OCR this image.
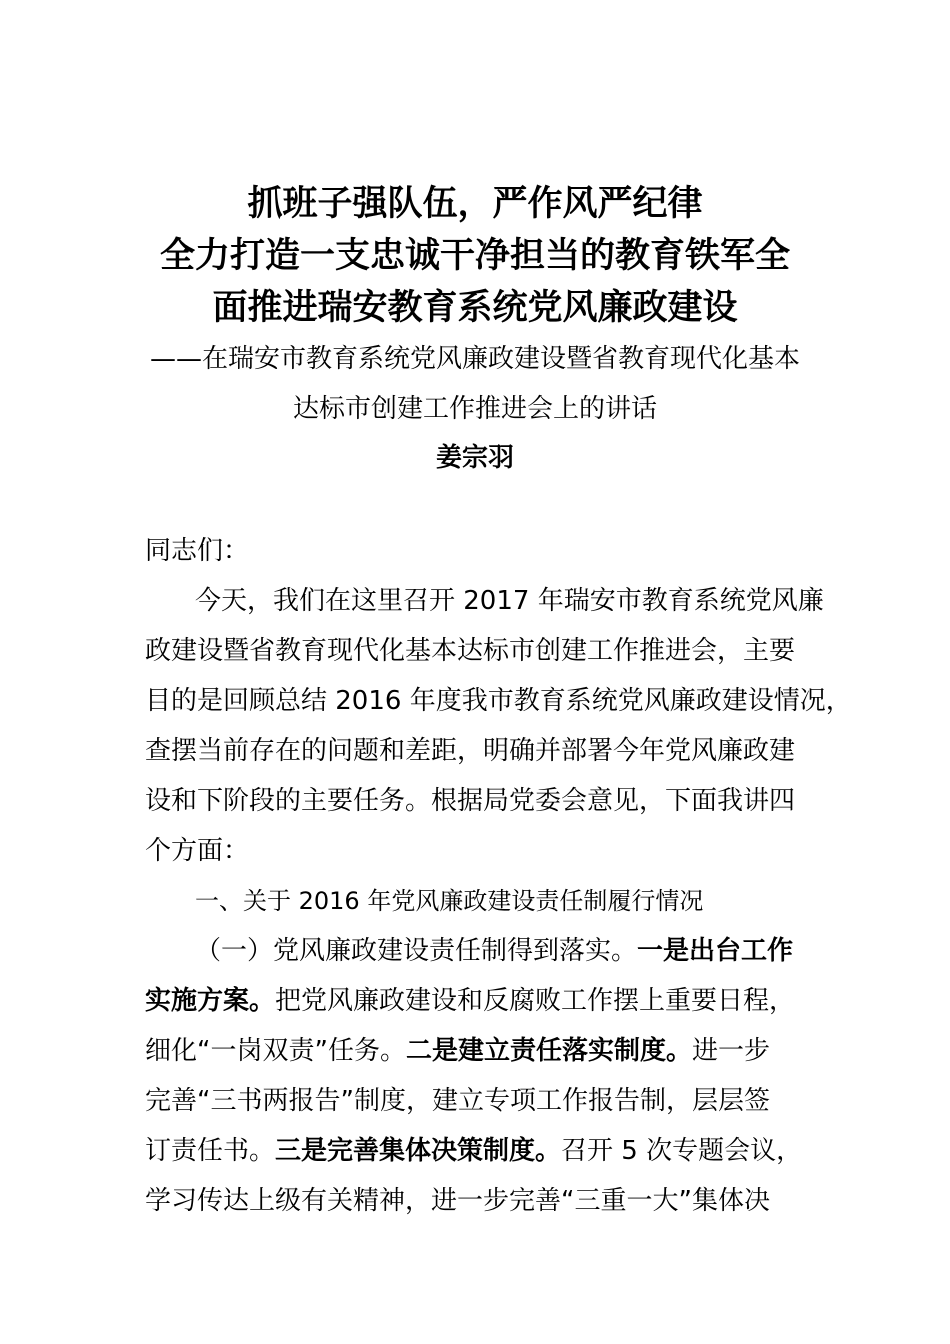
抓班子强队伍，严作风严纪律
全力打造一支忠诚干净担当的教育铁军全
面推进瑞安教育系统党风廉政建设
——在瑞安市教育系统党风廉政建设暨省教育现代化基本
达标市创建工作推进会上的讲话
姜宗羽
同志们：
今天，我们在这里召开 2017 年瑞安市教育系统党风廉
政建设暨省教育现代化基本达标市创建工作推进会，主要
目的是回顾总结 2016 年度我市教育系统党风廉政建设情况，
查摆当前存在的问题和差距，明确并部署今年党风廉政建
设和下阶段的主要任务。根据局党委会意见，下面我讲四
个方面：
一、关于 2016 年党风廉政建设责任制履行情况
（一）党风廉政建设责任制得到落实。一是出台工作
实施方案。把党风廉政建设和反腐败工作摆上重要日程，
细化“一岗双责”任务。二是建立责任落实制度。进一步
完善“三书两报告”制度，建立专项工作报告制，层层签
订责任书。三是完善集体决策制度。召开 5 次专题会议，
学习传达上级有关精神，进一步完善“三重一大”集体决
